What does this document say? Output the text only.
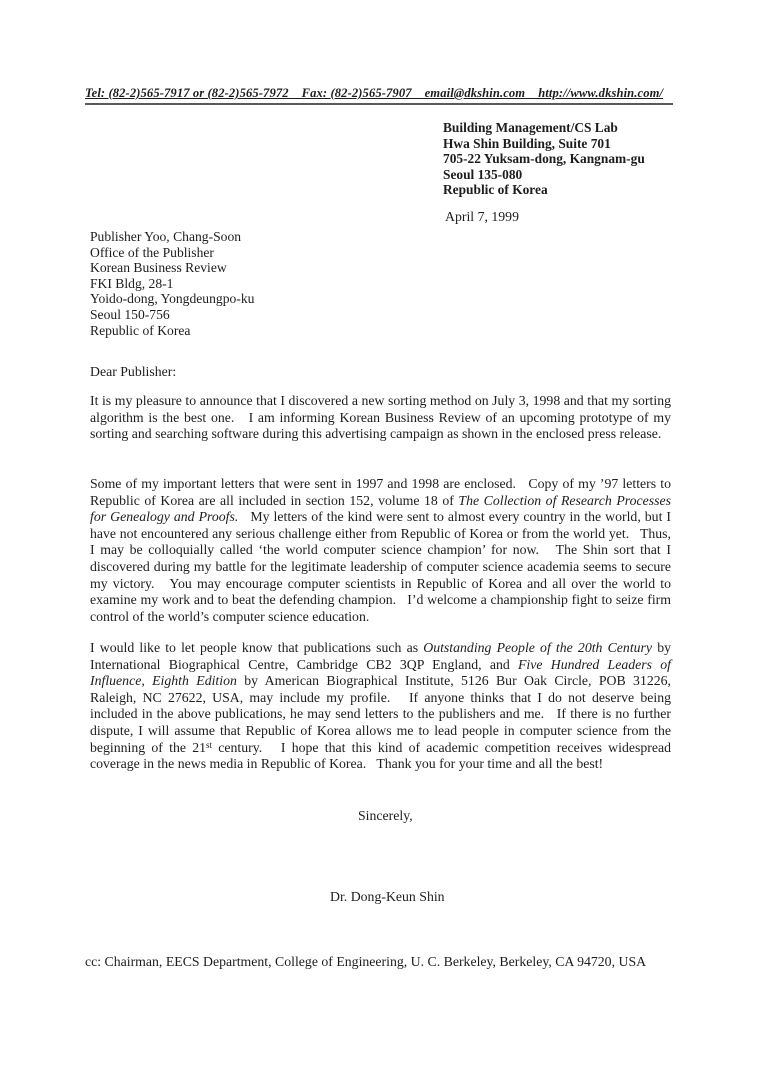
Tel: (82-2)565-7917 or (82-2)565-7972    Fax: (82-2)565-7907    email@dkshin.com    http://www.dkshin.com/
Building Management/CS Lab
Hwa Shin Building, Suite 701
705-22 Yuksam-dong, Kangnam-gu
Seoul 135-080
Republic of Korea
April 7, 1999
Publisher Yoo, Chang-Soon
Office of the Publisher
Korean Business Review
FKI Bldg, 28-1
Yoido-dong, Yongdeungpo-ku
Seoul 150-756
Republic of Korea
Dear Publisher:
It is my pleasure to announce that I discovered a new sorting method on July 3, 1998 and that my sorting algorithm is the best one.   I am informing Korean Business Review of an upcoming prototype of my sorting and searching software during this advertising campaign as shown in the enclosed press release.
Some of my important letters that were sent in 1997 and 1998 are enclosed.   Copy of my ’97 letters to Republic of Korea are all included in section 152, volume 18 of The Collection of Research Processes for Genealogy and Proofs.   My letters of the kind were sent to almost every country in the world, but I have not encountered any serious challenge either from Republic of Korea or from the world yet.   Thus, I may be colloquially called ‘the world computer science champion’ for now.   The Shin sort that I discovered during my battle for the legitimate leadership of computer science academia seems to secure my victory.   You may encourage computer scientists in Republic of Korea and all over the world to examine my work and to beat the defending champion.   I’d welcome a championship fight to seize firm control of the world’s computer science education.
I would like to let people know that publications such as Outstanding People of the 20th Century by International Biographical Centre, Cambridge CB2 3QP England, and Five Hundred Leaders of Influence, Eighth Edition by American Biographical Institute, 5126 Bur Oak Circle, POB 31226, Raleigh, NC 27622, USA, may include my profile.   If anyone thinks that I do not deserve being included in the above publications, he may send letters to the publishers and me.   If there is no further dispute, I will assume that Republic of Korea allows me to lead people in computer science from the beginning of the 21st century.   I hope that this kind of academic competition receives widespread coverage in the news media in Republic of Korea.   Thank you for your time and all the best!
Sincerely,
Dr. Dong-Keun Shin
cc: Chairman, EECS Department, College of Engineering, U. C. Berkeley, Berkeley, CA 94720, USA
